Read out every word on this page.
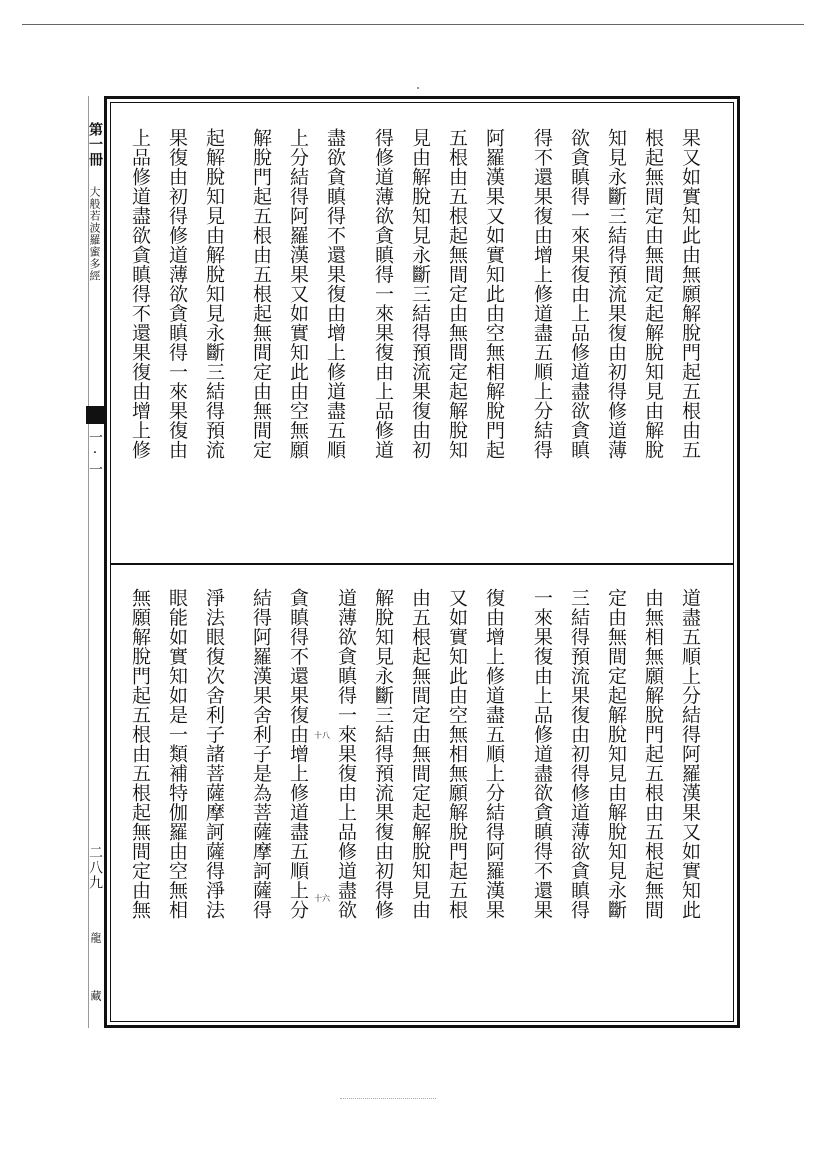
第一冊
大般若波羅蜜多經
一·一
二八九
龍
藏
果又如實知此由無願解脫門起五根由五
根起無間定由無間定起解脫知見由解脫
知見永斷三結得預流果復由初得修道薄
欲貪瞋得一來果復由上品修道盡欲貪瞋
得不還果復由增上修道盡五順上分結得
阿羅漢果又如實知此由空無相解脫門起
五根由五根起無間定由無間定起解脫知
見由解脫知見永斷三結得預流果復由初
得修道薄欲貪瞋得一來果復由上品修道
盡欲貪瞋得不還果復由增上修道盡五順
上分結得阿羅漢果又如實知此由空無願
解脫門起五根由五根起無間定由無間定
起解脫知見由解脫知見永斷三結得預流
果復由初得修道薄欲貪瞋得一來果復由
上品修道盡欲貪瞋得不還果復由增上修
道盡五順上分結得阿羅漢果又如實知此
由無相無願解脫門起五根由五根起無間
定由無間定起解脫知見由解脫知見永斷
三結得預流果復由初得修道薄欲貪瞋得
一來果復由上品修道盡欲貪瞋得不還果
復由增上修道盡五順上分結得阿羅漢果
又如實知此由空無相無願解脫門起五根
由五根起無間定由無間定起解脫知見由
解脫知見永斷三結得預流果復由初得修
道薄欲貪瞋得一來果復由上品修道盡欲
貪瞋得不還果復由增上修道盡五順上分
結得阿羅漢果舍利子是為菩薩摩訶薩得
淨法眼復次舍利子諸菩薩摩訶薩得淨法
眼能如實知如是一類補特伽羅由空無相
無願解脫門起五根由五根起無間定由無	十八
十六
